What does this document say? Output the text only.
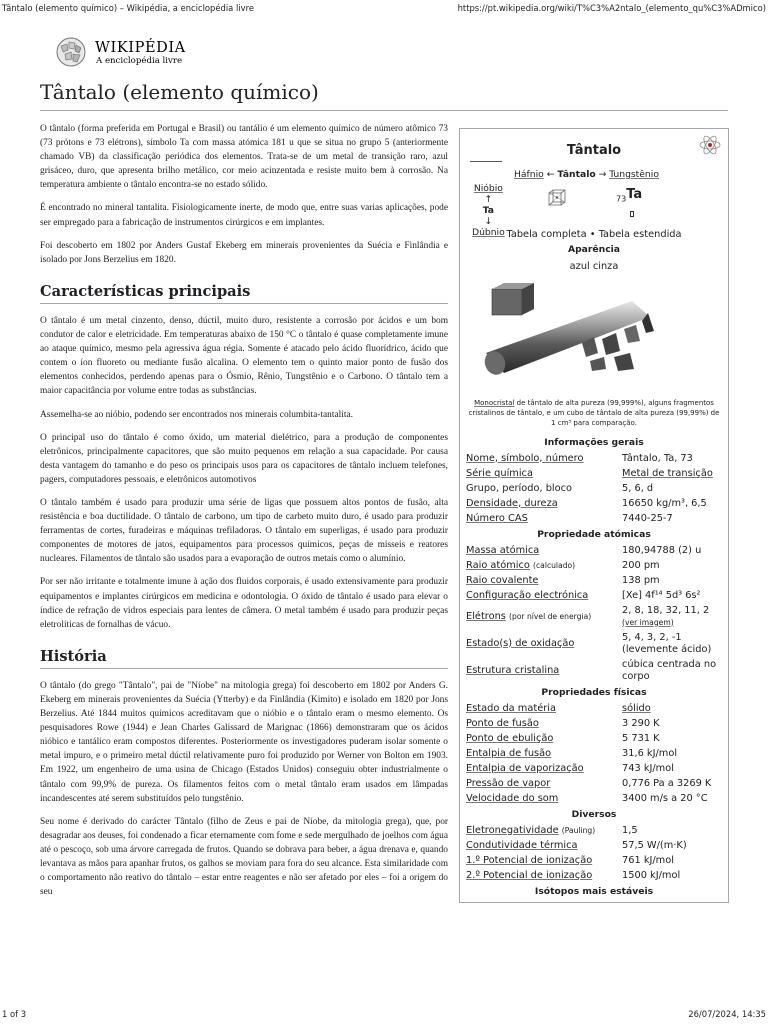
Tântalo (elemento químico) – Wikipédia, a enciclopédia livre	https://pt.wikipedia.org/wiki/T%C3%A2ntalo_(elemento_qu%C3%ADmico)
WIKIPÉDIA
A enciclopédia livre
Tântalo (elemento químico)

O tântalo (forma preferida em Portugal e Brasil) ou tantálio é um elemento químico de número atômico 73 (73 prótons e 73 elétrons), símbolo Ta com massa atómica 181 u que se situa no grupo 5 (anteriormente chamado VB) da classificação periódica dos elementos. Trata-se de um metal de transição raro, azul grisáceo, duro, que apresenta brilho metálico, cor meio acinzentada e resiste muito bem à corrosão. Na temperatura ambiente o tântalo encontra-se no estado sólido.

É encontrado no mineral tantalita. Fisiologicamente inerte, de modo que, entre suas varias aplicações, pode ser empregado para a fabricação de instrumentos cirúrgicos e em implantes.

Foi descoberto em 1802 por Anders Gustaf Ekeberg em minerais provenientes da Suécia e Finlândia e isolado por Jons Berzelius em 1820.

Características principais

O tântalo é um metal cinzento, denso, dúctil, muito duro, resistente a corrosão por ácidos e um bom condutor de calor e eletricidade. Em temperaturas abaixo de 150 °C o tântalo é quase completamente imune ao ataque químico, mesmo pela agressiva água régia. Somente é atacado pelo ácido fluorídrico, ácido que contem o íon fluoreto ou mediante fusão alcalina. O elemento tem o quinto maior ponto de fusão dos elementos conhecidos, perdendo apenas para o Ósmio, Rênio, Tungstênio e o Carbono. O tântalo tem a maior capacitância por volume entre todas as substâncias.

Assemelha-se ao nióbio, podendo ser encontrados nos minerais columbita-tantalita.

O principal uso do tântalo é como óxido, um material dielétrico, para a produção de componentes eletrônicos, principalmente capacitores, que são muito pequenos em relação a sua capacidade. Por causa desta vantagem do tamanho e do peso os principais usos para os capacitores de tântalo incluem telefones, pagers, computadores pessoais, e eletrônicos automotivos

O tântalo também é usado para produzir uma série de ligas que possuem altos pontos de fusão, alta resistência e boa ductilidade. O tântalo de carbono, um tipo de carbeto muito duro, é usado para produzir ferramentas de cortes, furadeiras e máquinas trefiladoras. O tântalo em superligas, é usado para produzir componentes de motores de jatos, equipamentos para processos químicos, peças de mísseis e reatores nucleares. Filamentos de tântalo são usados para a evaporação de outros metais como o alumínio.

Por ser não irritante e totalmente imune à ação dos fluidos corporais, é usado extensivamente para produzir equipamentos e implantes cirúrgicos em medicina e odontologia. O óxido de tântalo é usado para elevar o índice de refração de vidros especiais para lentes de câmera. O metal também é usado para produzir peças eletrolíticas de fornalhas de vácuo.

História

O tântalo (do grego "Tântalo", pai de "Níobe" na mitologia grega) foi descoberto em 1802 por Anders G. Ekeberg em minerais provenientes da Suécia (Ytterby) e da Finlândia (Kimito) e isolado em 1820 por Jons Berzelius. Até 1844 muitos químicos acreditavam que o nióbio e o tântalo eram o mesmo elemento. Os pesquisadores Rowe (1944) e Jean Charles Galissard de Marignac (1866) demonstraram que os ácidos nióbico e tantálico eram compostos diferentes. Posteriormente os investigadores puderam isolar somente o metal impuro, e o primeiro metal dúctil relativamente puro foi produzido por Werner von Bolton em 1903. Em 1922, um engenheiro de uma usina de Chicago (Estados Unidos) conseguiu obter industrialmente o tântalo com 99,9% de pureza. Os filamentos feitos com o metal tântalo eram usados em lâmpadas incandescentes até serem substituídos pelo tungstênio.

Seu nome é derivado do carácter Tântalo (filho de Zeus e pai de Níobe, da mitologia grega), que, por desagradar aos deuses, foi condenado a ficar eternamente com fome e sede mergulhado de joelhos com água até o pescoço, sob uma árvore carregada de frutos. Quando se dobrava para beber, a água drenava e, quando levantava as mãos para apanhar frutos, os galhos se moviam para fora do seu alcance. Esta similaridade com o comportamento não reativo do tântalo – estar entre reagentes e não ser afetado por eles – foi a origem do seu

Tântalo
Háfnio ← Tântalo → Tungstênio
Nióbio
↑
Ta
↓
Dúbnio
$_{73}$Ta
Tabela completa • Tabela estendida
Aparência
azul cinza
Monocristal de tântalo de alta pureza (99,999%), alguns fragmentos cristalinos de tântalo, e um cubo de tântalo de alta pureza (99,99%) de 1 cm³ para comparação.
Informações gerais
Nome, símbolo, número	Tântalo, Ta, 73
Série química	Metal de transição
Grupo, período, bloco	5, 6, d
Densidade, dureza	16650 kg/m³, 6,5
Número CAS	7440-25-7
Propriedade atómicas
Massa atómica	180,94788 (2) u
Raio atómico (calculado)	200 pm
Raio covalente	138 pm
Configuração electrónica	[Xe] 4f¹⁴ 5d³ 6s²
Elétrons (por nível de energia)	2, 8, 18, 32, 11, 2
(ver imagem)
Estado(s) de oxidação	5, 4, 3, 2, -1
(levemente ácido)
Estrutura cristalina	cúbica centrada no corpo
Propriedades físicas
Estado da matéria	sólido
Ponto de fusão	3 290 K
Ponto de ebulição	5 731 K
Entalpia de fusão	31,6 kJ/mol
Entalpia de vaporização	743 kJ/mol
Pressão de vapor	0,776 Pa a 3269 K
Velocidade do som	3400 m/s a 20 °C
Diversos
Eletronegatividade (Pauling)	1,5
Condutividade térmica	57,5 W/(m·K)
1.º Potencial de ionização	761 kJ/mol
2.º Potencial de ionização	1500 kJ/mol
Isótopos mais estáveis
1 of 3	26/07/2024, 14:35
